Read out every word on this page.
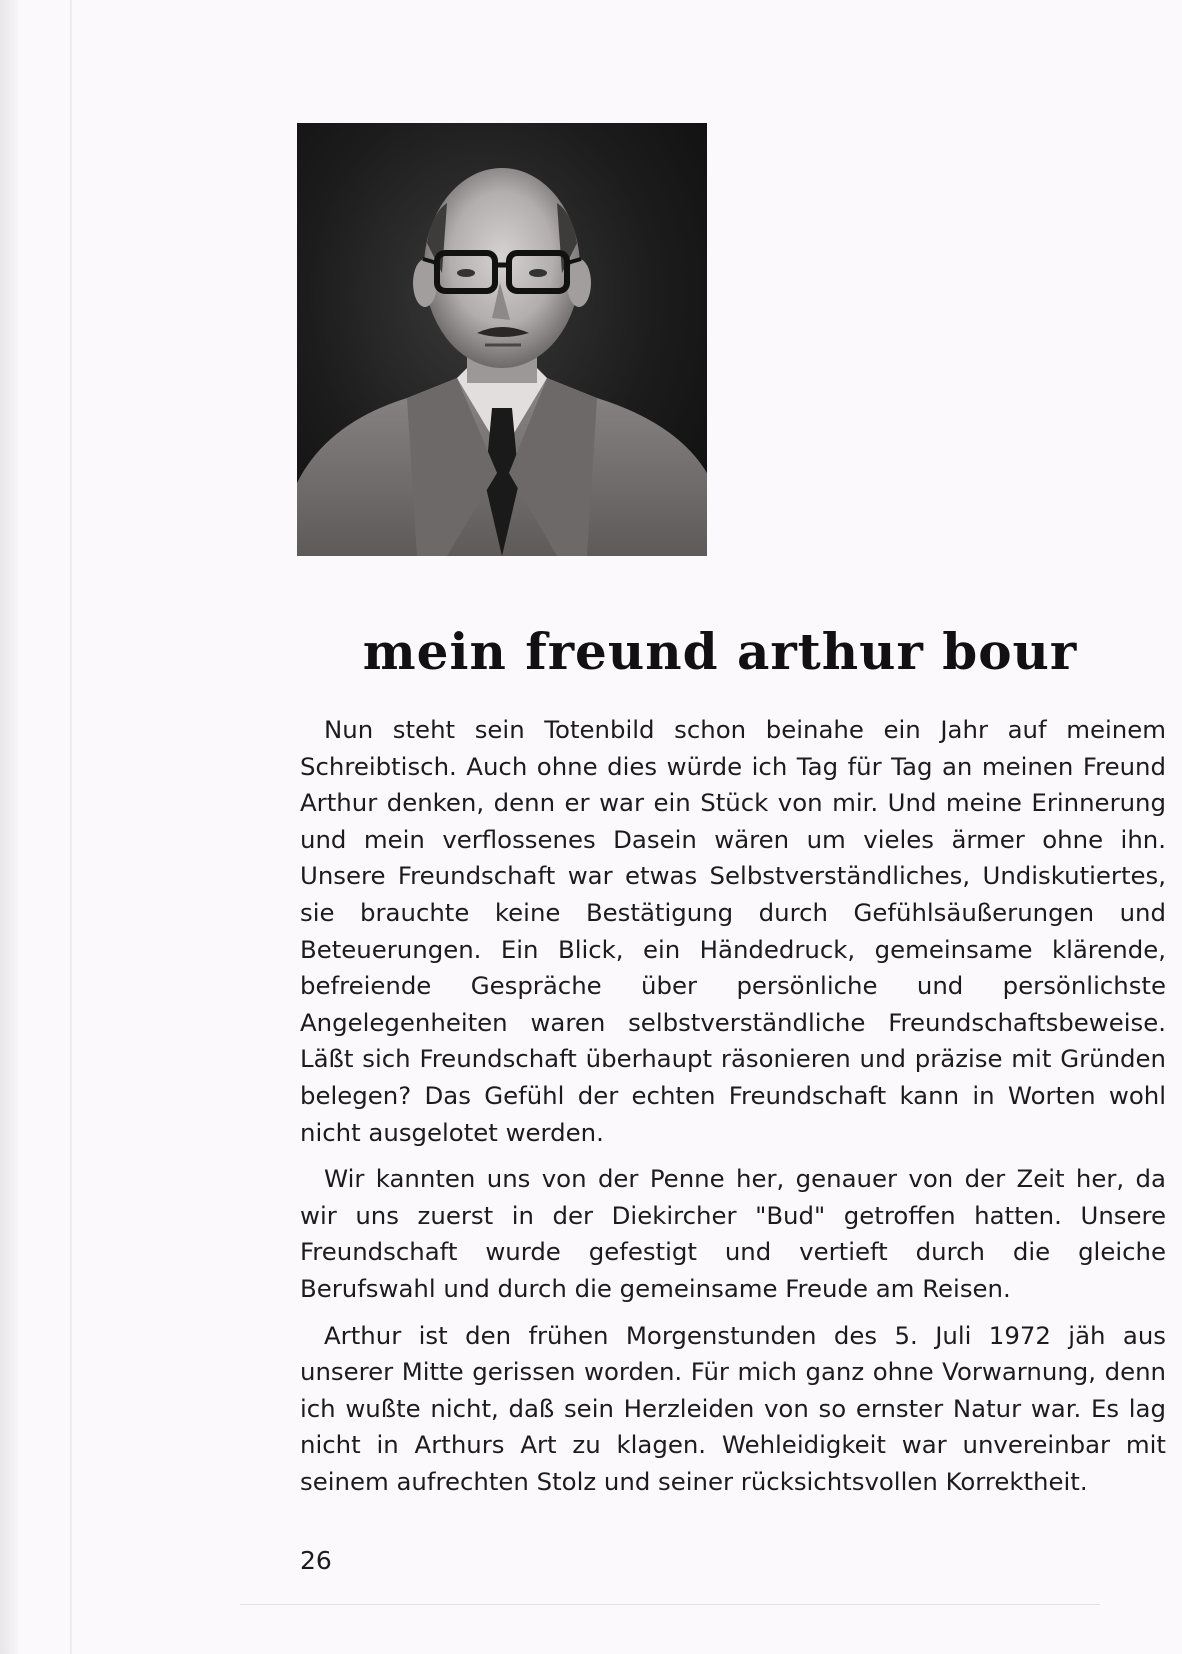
mein freund arthur bour

Nun steht sein Totenbild schon beinahe ein Jahr auf meinem Schreibtisch. Auch ohne dies würde ich Tag für Tag an meinen Freund Arthur denken, denn er war ein Stück von mir. Und meine Erinnerung und mein verflossenes Dasein wären um vieles ärmer ohne ihn. Unsere Freundschaft war etwas Selbstverständliches, Undiskutiertes, sie brauchte keine Bestätigung durch Gefühlsäußerungen und Beteuerungen. Ein Blick, ein Händedruck, gemeinsame klärende, befreiende Gespräche über persönliche und persönlichste Angelegenheiten waren selbstverständliche Freundschaftsbeweise. Läßt sich Freundschaft überhaupt räsonieren und präzise mit Gründen belegen? Das Gefühl der echten Freundschaft kann in Worten wohl nicht ausgelotet werden.

Wir kannten uns von der Penne her, genauer von der Zeit her, da wir uns zuerst in der Diekircher "Bud" getroffen hatten. Unsere Freundschaft wurde gefestigt und vertieft durch die gleiche Berufswahl und durch die gemeinsame Freude am Reisen.

Arthur ist den frühen Morgenstunden des 5. Juli 1972 jäh aus unserer Mitte gerissen worden. Für mich ganz ohne Vorwarnung, denn ich wußte nicht, daß sein Herzleiden von so ernster Natur war. Es lag nicht in Arthurs Art zu klagen. Wehleidigkeit war unvereinbar mit seinem aufrechten Stolz und seiner rücksichtsvollen Korrektheit.

26
